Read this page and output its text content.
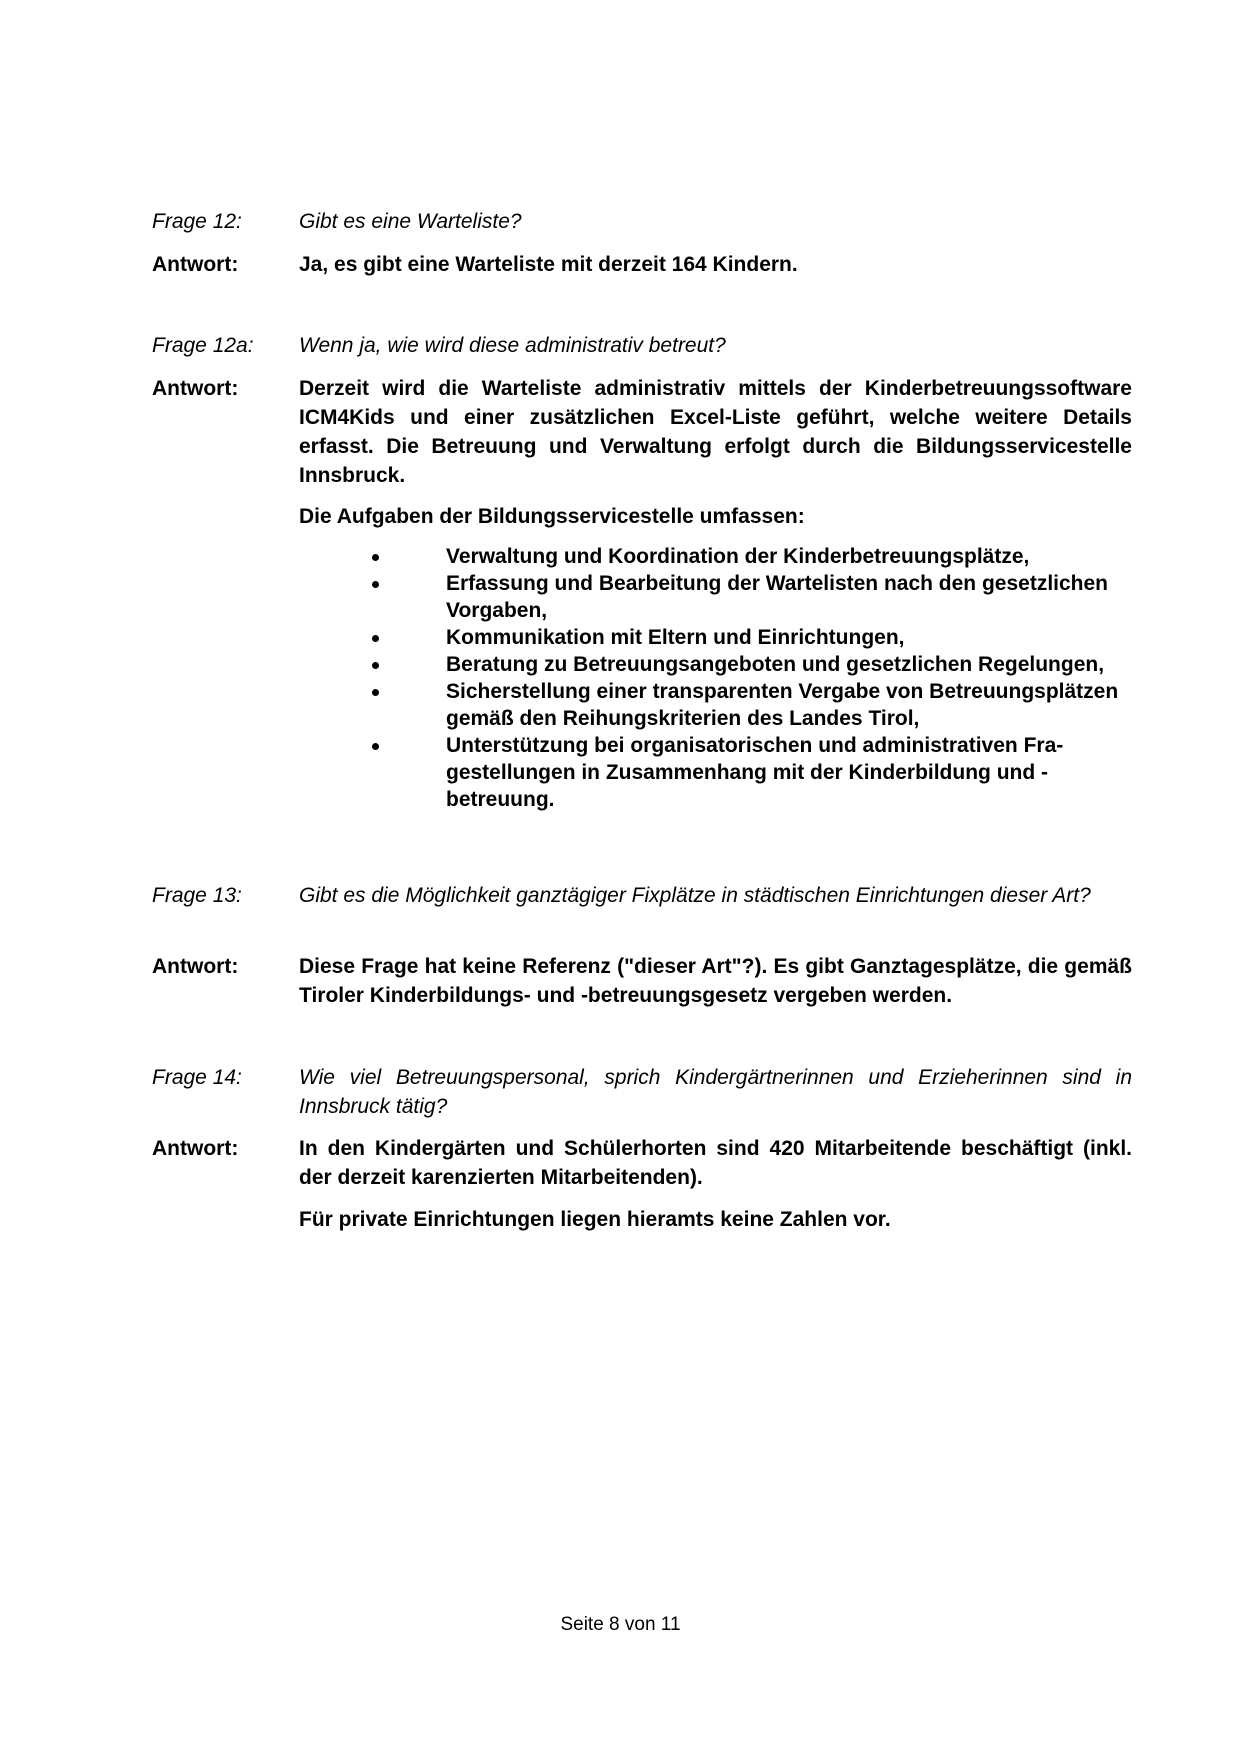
Frage 12:	Gibt es eine Warteliste?
Antwort:	Ja, es gibt eine Warteliste mit derzeit 164 Kindern.
Frage 12a:	Wenn ja, wie wird diese administrativ betreut?
Antwort:	Derzeit wird die Warteliste administrativ mittels der Kinderbetreuungssoftware ICM4Kids und einer zusätzlichen Excel-Liste geführt, welche weitere Details erfasst. Die Betreuung und Verwaltung erfolgt durch die Bildungsservicestelle Innsbruck.
Die Aufgaben der Bildungsservicestelle umfassen:
Verwaltung und Koordination der Kinderbetreuungsplätze,
Erfassung und Bearbeitung der Wartelisten nach den gesetzlichen Vorgaben,
Kommunikation mit Eltern und Einrichtungen,
Beratung zu Betreuungsangeboten und gesetzlichen Regelungen,
Sicherstellung einer transparenten Vergabe von Betreuungsplätzen gemäß den Reihungskriterien des Landes Tirol,
Unterstützung bei organisatorischen und administrativen Fragestellungen in Zusammenhang mit der Kinderbildung und -betreuung.
Frage 13:	Gibt es die Möglichkeit ganztägiger Fixplätze in städtischen Einrichtungen dieser Art?
Antwort:	Diese Frage hat keine Referenz ("dieser Art"?). Es gibt Ganztagesplätze, die gemäß Tiroler Kinderbildungs- und -betreuungsgesetz vergeben werden.
Frage 14:	Wie viel Betreuungspersonal, sprich Kindergärtnerinnen und Erzieherinnen sind in Innsbruck tätig?
Antwort:	In den Kindergärten und Schülerhorten sind 420 Mitarbeitende beschäftigt (inkl. der derzeit karenzierten Mitarbeitenden).
Für private Einrichtungen liegen hieramts keine Zahlen vor.
Seite 8 von 11
